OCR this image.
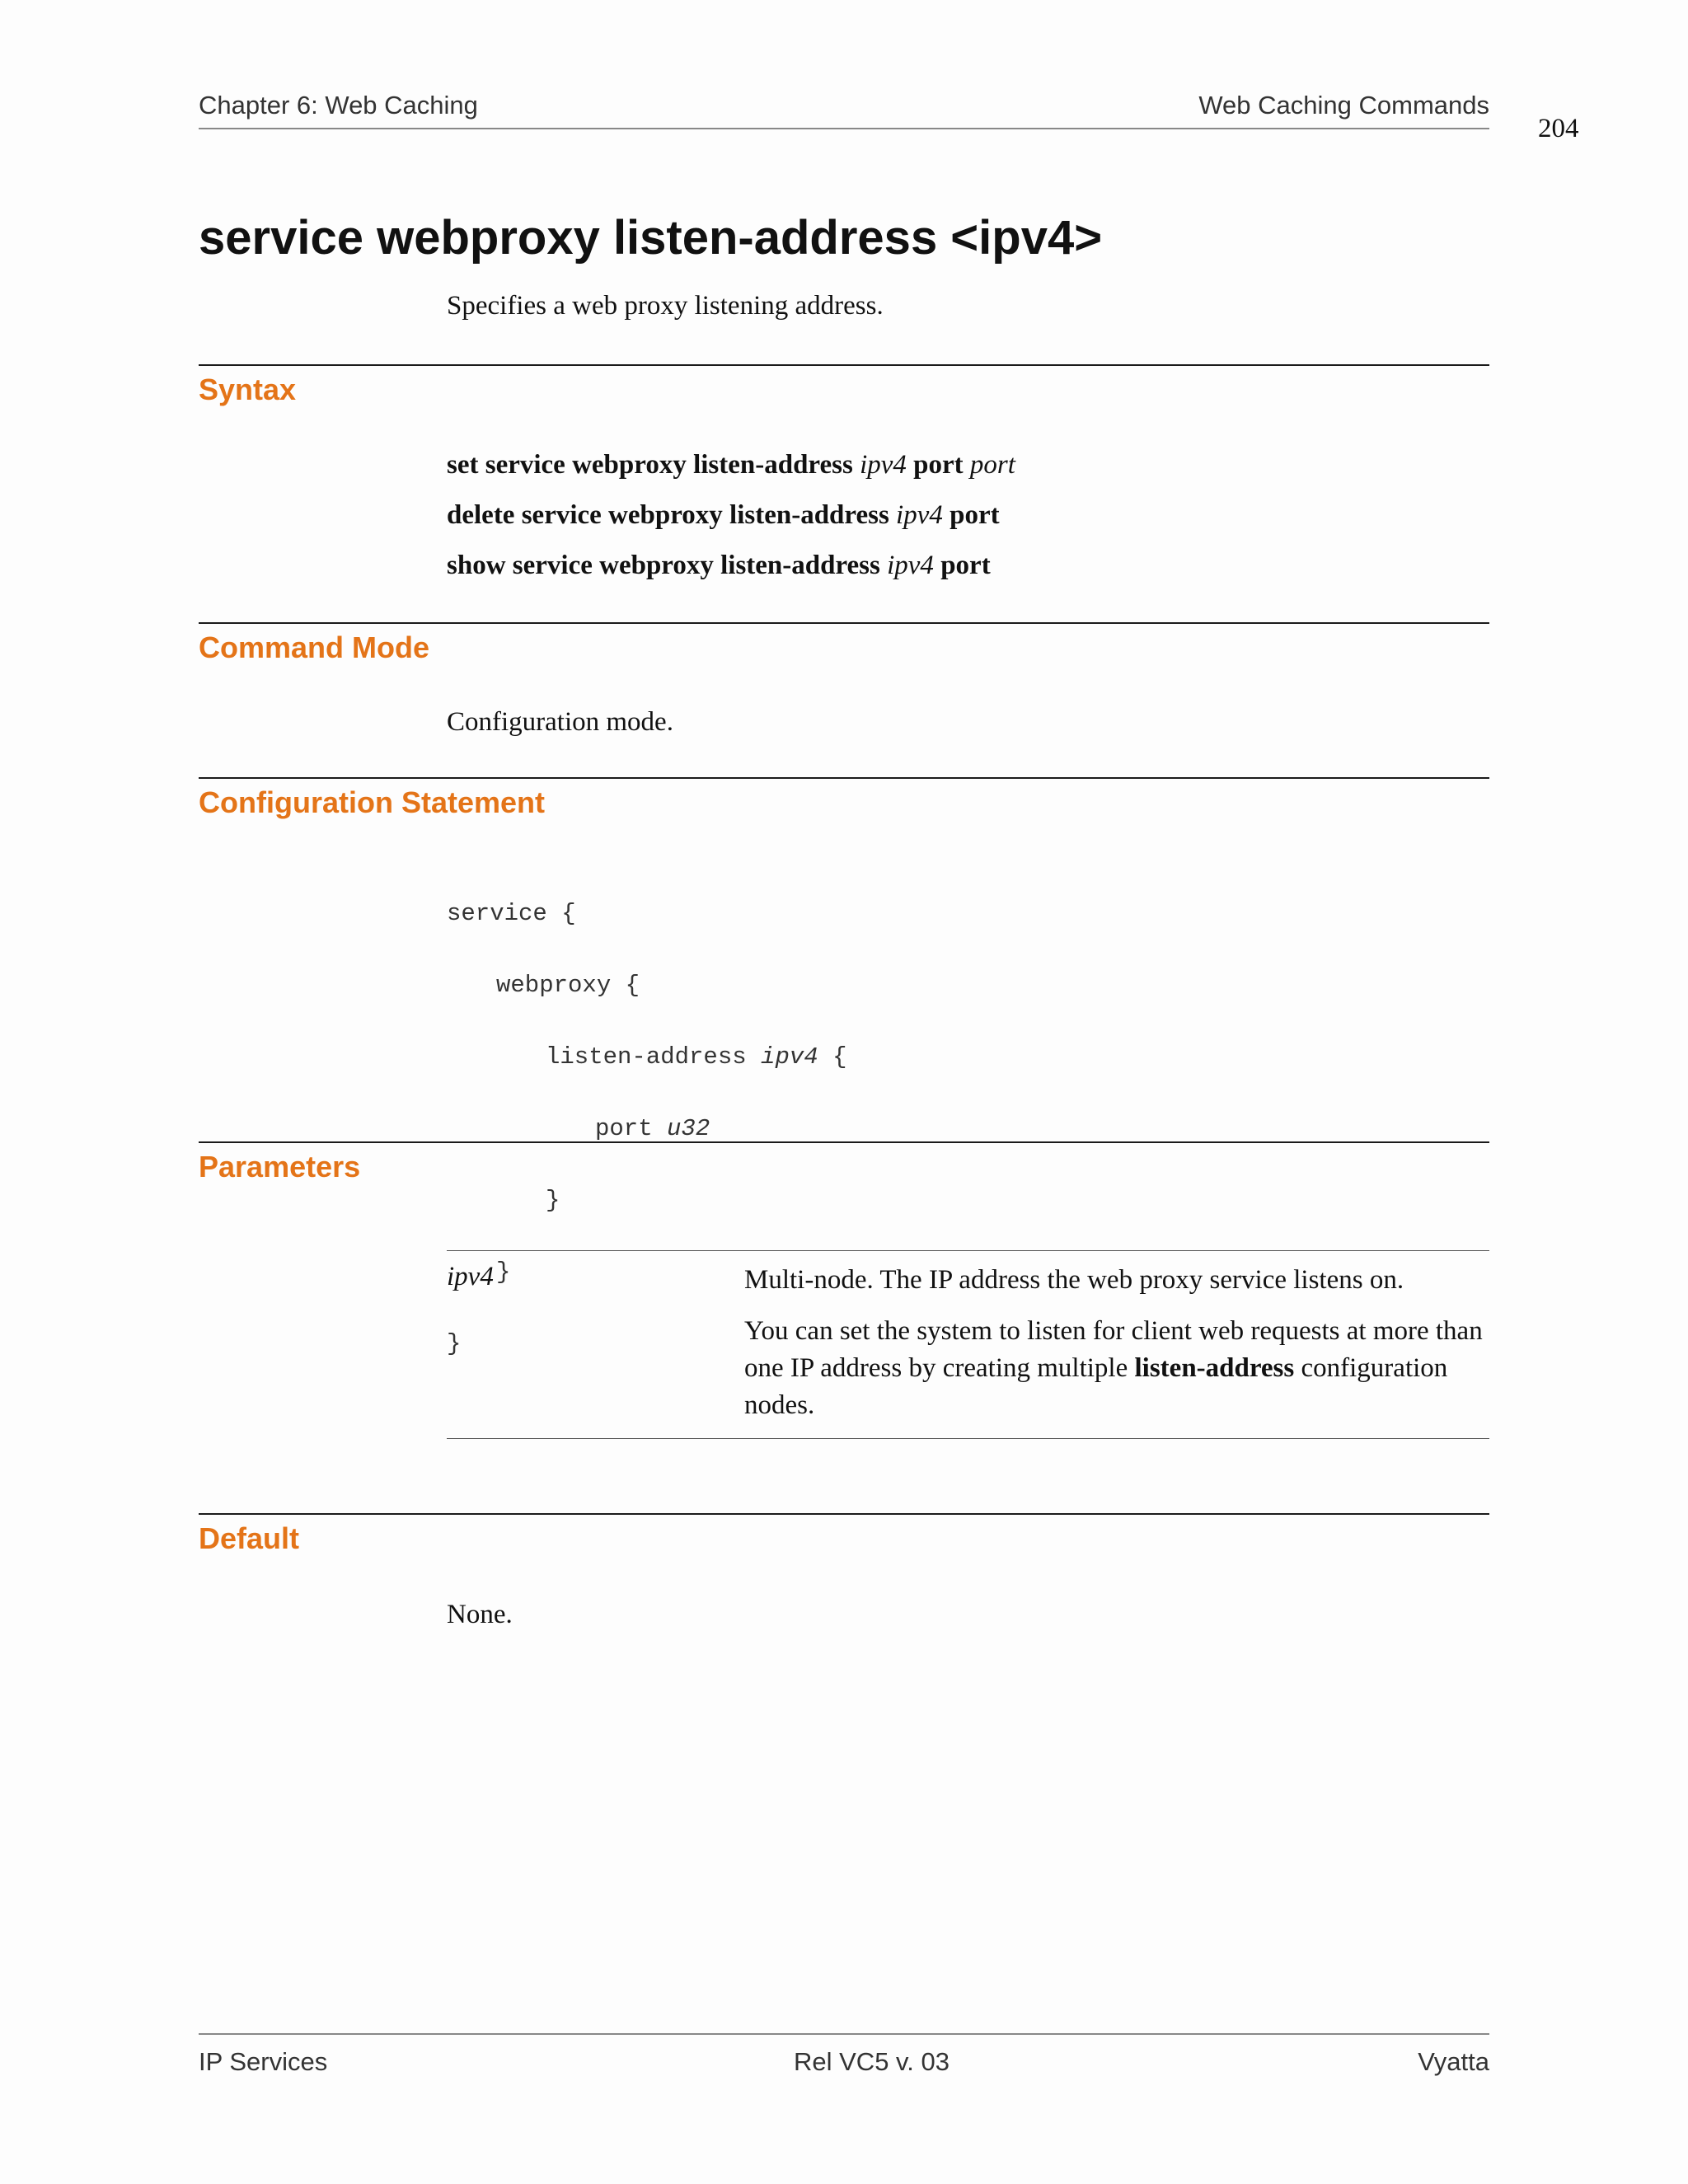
Chapter 6: Web Caching	Web Caching Commands
204
service webproxy listen-address <ipv4>
Specifies a web proxy listening address.
Syntax
set service webproxy listen-address ipv4 port port
delete service webproxy listen-address ipv4 port
show service webproxy listen-address ipv4 port
Command Mode
Configuration mode.
Configuration Statement

service {

webproxy {

listen-address ipv4 {

port u32

}

}

}

Parameters
ipv4	Multi-node. The IP address the web proxy service listens on.
You can set the system to listen for client web requests at more than one IP address by creating multiple listen-address configuration nodes.
Default
None.
IP Services	Rel VC5 v. 03	Vyatta
